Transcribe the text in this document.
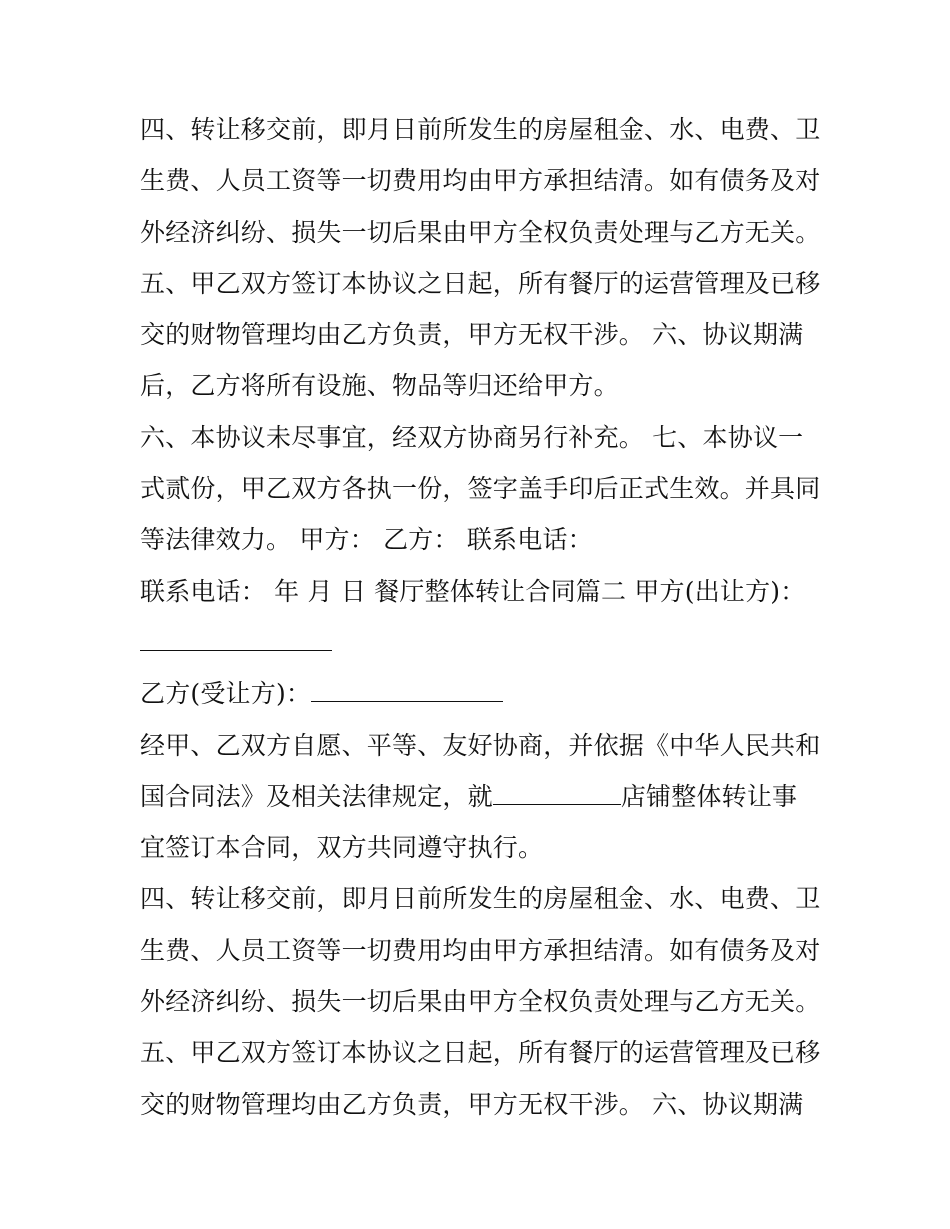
四、转让移交前，即月日前所发生的房屋租金、水、电费、卫
生费、人员工资等一切费用均由甲方承担结清。如有债务及对
外经济纠纷、损失一切后果由甲方全权负责处理与乙方无关。
五、甲乙双方签订本协议之日起，所有餐厅的运营管理及已移
交的财物管理均由乙方负责，甲方无权干涉。 六、协议期满
后，乙方将所有设施、物品等归还给甲方。
六、本协议未尽事宜，经双方协商另行补充。 七、本协议一
式贰份，甲乙双方各执一份，签字盖手印后正式生效。并具同
等法律效力。 甲方： 乙方： 联系电话：
联系电话： 年 月 日 餐厅整体转让合同篇二 甲方(出让方)：
乙方(受让方)：
经甲、乙双方自愿、平等、友好协商，并依据《中华人民共和
国合同法》及相关法律规定，就	店铺整体转让事
宜签订本合同，双方共同遵守执行。
四、转让移交前，即月日前所发生的房屋租金、水、电费、卫
生费、人员工资等一切费用均由甲方承担结清。如有债务及对
外经济纠纷、损失一切后果由甲方全权负责处理与乙方无关。
五、甲乙双方签订本协议之日起，所有餐厅的运营管理及已移
交的财物管理均由乙方负责，甲方无权干涉。 六、协议期满
